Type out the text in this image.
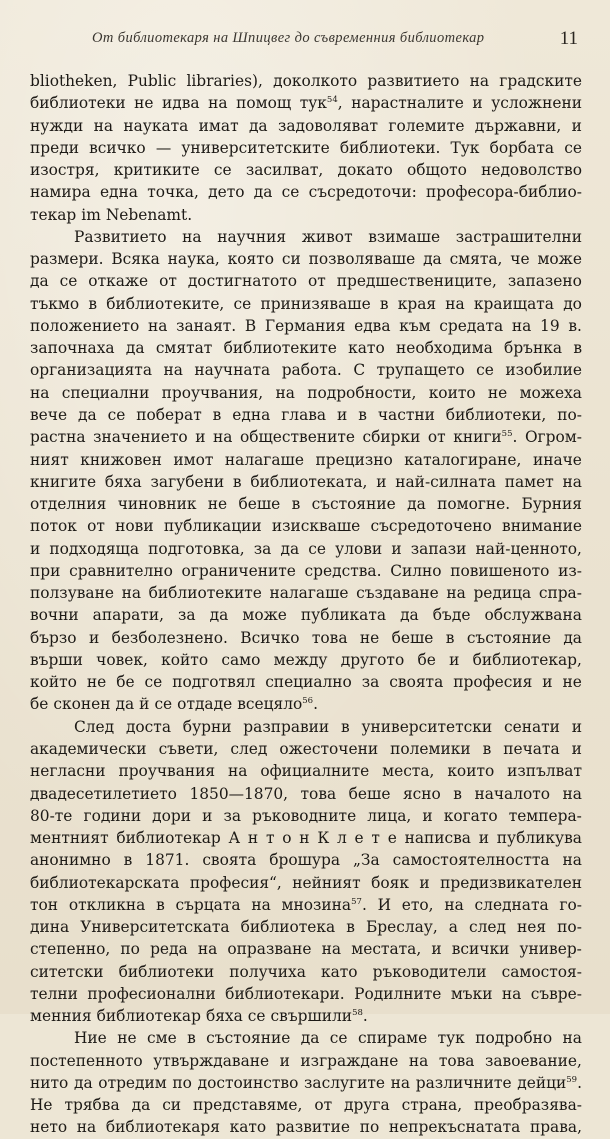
От библиотекаря на Шпицвег до съвременния библиотекар	11
bliotheken, Public libraries), доколкото развитието на градските
библиотеки не идва на помощ тук$^{54}$, нарастналите и усложнени
нужди на науката имат да задоволяват големите държавни, и
преди всичко — университетските библиотеки. Тук борбата се
изостря, критиките се засилват, докато общото недоволство
намира една точка, дето да се съсредоточи: професора-библио-
текар im Nebenamt.
Развитието на научния живот взимаше застрашителни
размери. Всяка наука, която си позволяваше да смята, че може
да се откаже от достигнатото от предшествениците, запазено
тъкмо в библиотеките, се принизяваше в края на краищата до
положението на занаят. В Германия едва към средата на 19 в.
започнаха да смятат библиотеките като необходима брънка в
организацията на научната работа. С трупащето се изобилие
на специални проучвания, на подробности, които не можеха
вече да се поберат в една глава и в частни библиотеки, по-
растна значението и на обществените сбирки от книги$^{55}$. Огром-
ният книжовен имот налагаше прецизно каталогиране, иначе
книгите бяха загубени в библиотеката, и най-силната памет на
отделния чиновник не беше в състояние да помогне. Бурния
поток от нови публикации изискваше съсредоточено внимание
и подходяща подготовка, за да се улови и запази най-ценното,
при сравнително ограничените средства. Силно повишеното из-
ползуване на библиотеките налагаше създаване на редица спра-
вочни апарати, за да може публиката да бъде обслужвана
бързо и безболезнено. Всичко това не беше в състояние да
върши човек, който само между другото бе и библиотекар,
който не бе се подготвял специално за своята професия и не
бе сконен да й се отдаде всецяло$^{56}$.
След доста бурни разправии в университетски сенати и
академически съвети, след ожесточени полемики в печата и
негласни проучвания на официалните места, които изпълват
двадесетилетието 1850—1870, това беше ясно в началото на
80-те години дори и за ръководните лица, и когато темпера-
ментният библиотекар А н т о н К л е т е написва и публикува
анонимно в 1871. своята брошура „За самостоятелността на
библиотекарската професия“, нейният бояк и предизвикателен
тон откликна в сърцата на мнозина$^{57}$. И ето, на следната го-
дина Университетската библиотека в Бреслау, а след нея по-
степенно, по реда на опразване на местата, и всички универ-
ситетски библиотеки получиха като ръководители самостоя-
телни професионални библиотекари. Родилните мъки на съвре-
менния библиотекар бяха се свършили$^{58}$.
Ние не сме в състояние да се спираме тук подробно на
постепенното утвърждаване и изграждане на това завоевание,
нито да отредим по достоинство заслугите на различните дейци$^{59}$.
Не трябва да си представяме, от друга страна, преобразява-
нето на библиотекаря като развитие по непрекъснатата права,
